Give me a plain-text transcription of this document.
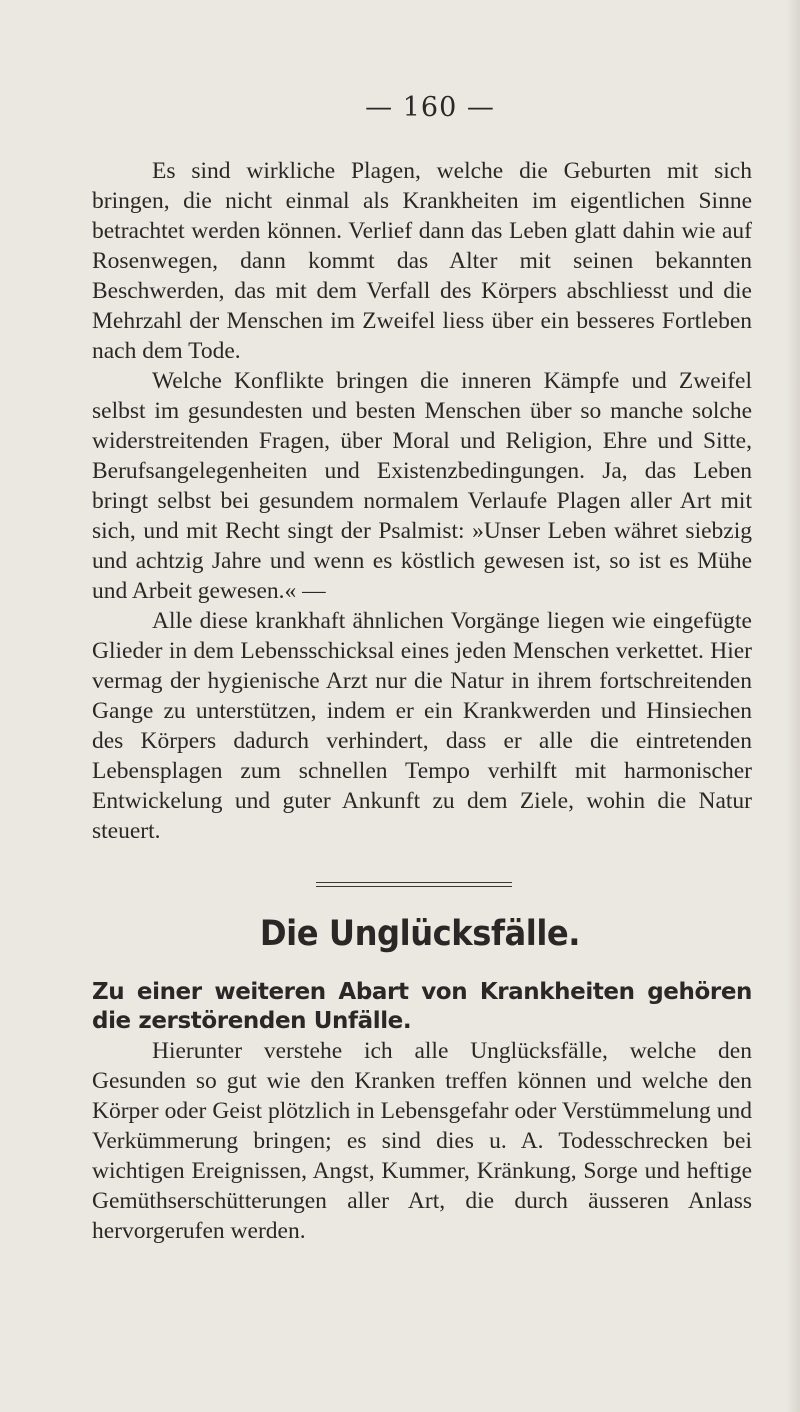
— 160 —

Es sind wirkliche Plagen, welche die Geburten mit sich bringen, die nicht einmal als Krankheiten im eigentlichen Sinne betrachtet werden können. Verlief dann das Leben glatt dahin wie auf Rosenwegen, dann kommt das Alter mit seinen bekannten Beschwerden, das mit dem Verfall des Körpers abschliesst und die Mehrzahl der Menschen im Zweifel liess über ein besseres Fortleben nach dem Tode.

Welche Konflikte bringen die inneren Kämpfe und Zweifel selbst im gesundesten und besten Menschen über so manche solche widerstreitenden Fragen, über Moral und Religion, Ehre und Sitte, Berufsangelegenheiten und Existenzbedingungen. Ja, das Leben bringt selbst bei gesundem normalem Verlaufe Plagen aller Art mit sich, und mit Recht singt der Psalmist: »Unser Leben währet siebzig und achtzig Jahre und wenn es köstlich gewesen ist, so ist es Mühe und Arbeit gewesen.« —

Alle diese krankhaft ähnlichen Vorgänge liegen wie eingefügte Glieder in dem Lebensschicksal eines jeden Menschen verkettet. Hier vermag der hygienische Arzt nur die Natur in ihrem fortschreitenden Gange zu unterstützen, indem er ein Krankwerden und Hinsiechen des Körpers dadurch verhindert, dass er alle die eintretenden Lebensplagen zum schnellen Tempo verhilft mit harmonischer Entwickelung und guter Ankunft zu dem Ziele, wohin die Natur steuert.

Die Unglücksfälle.
Zu einer weiteren Abart von Krankheiten gehören die zerstörenden Unfälle.

Hierunter verstehe ich alle Unglücksfälle, welche den Gesunden so gut wie den Kranken treffen können und welche den Körper oder Geist plötzlich in Lebensgefahr oder Verstümmelung und Verkümmerung bringen; es sind dies u. A. Todesschrecken bei wichtigen Ereignissen, Angst, Kummer, Kränkung, Sorge und heftige Gemüthserschütterungen aller Art, die durch äusseren Anlass hervorgerufen werden.
